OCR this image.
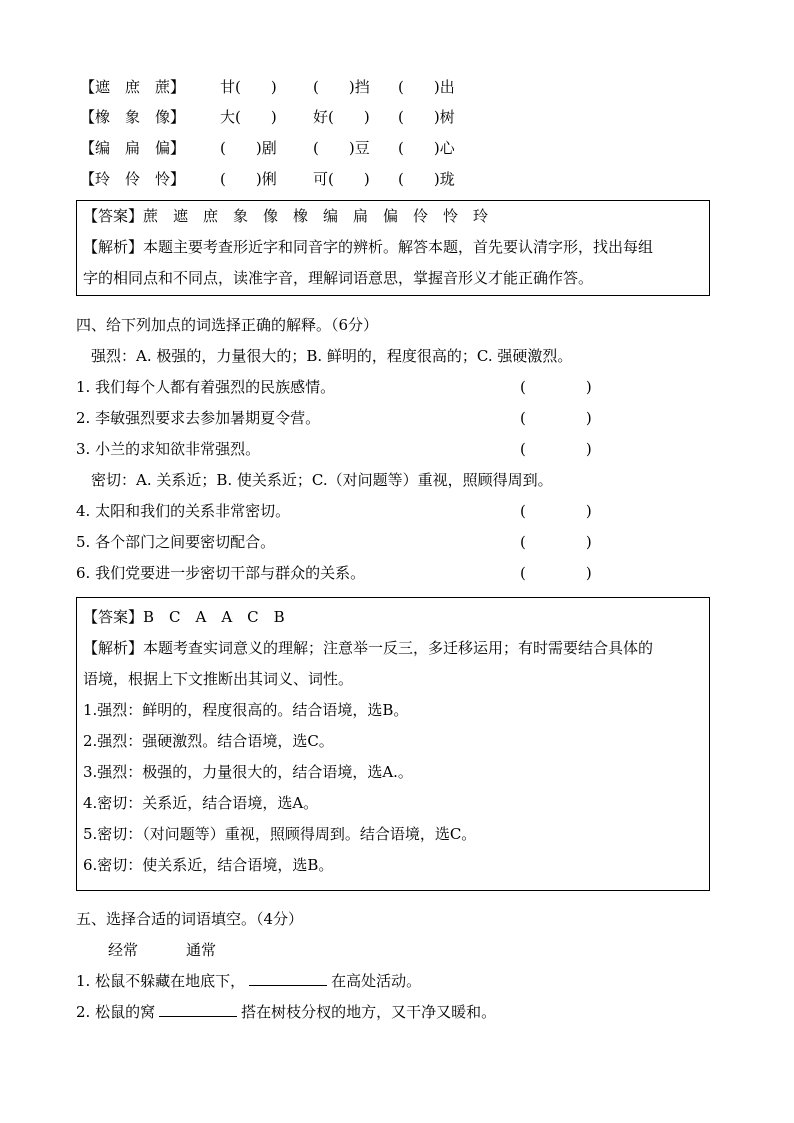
【遮　庶　蔗】 甘(　　) (　　)挡 (　　)出
【橡　象　像】 大(　　) 好(　　) (　　)树
【编　扁　偏】 (　　)剧 (　　)豆 (　　)心
【玲　伶　怜】 (　　)俐 可(　　) (　　)珑
【答案】蔗　遮　庶　象　像　橡　编　扁　偏　伶　怜　玲
【解析】本题主要考查形近字和同音字的辨析。解答本题，首先要认清字形，找出每组
字的相同点和不同点，读准字音，理解词语意思，掌握音形义才能正确作答。
四、给下列加点的词选择正确的解释。（6分）
强烈：A. 极强的，力量很大的；B. 鲜明的，程度很高的；C. 强硬激烈。
1. 我们每个人都有着强烈的民族感情。	(　　　　)
2. 李敏强烈要求去参加暑期夏令营。	(　　　　)
3. 小兰的求知欲非常强烈。	(　　　　)
密切：A. 关系近；B. 使关系近；C.（对问题等）重视，照顾得周到。
4. 太阳和我们的关系非常密切。	(　　　　)
5. 各个部门之间要密切配合。	(　　　　)
6. 我们党要进一步密切干部与群众的关系。	(　　　　)
【答案】B　C　A　A　C　B
【解析】本题考查实词意义的理解；注意举一反三，多迁移运用；有时需要结合具体的
语境，根据上下文推断出其词义、词性。
1.强烈：鲜明的，程度很高的。结合语境，选B。
2.强烈：强硬激烈。结合语境，选C。
3.强烈：极强的，力量很大的，结合语境，选A.。
4.密切：关系近，结合语境，选A。
5.密切：（对问题等）重视，照顾得周到。结合语境，选C。
6.密切：使关系近，结合语境，选B。
五、选择合适的词语填空。（4分）
经常	通常
1. 松鼠不躲藏在地底下，	在高处活动。
2. 松鼠的窝	搭在树枝分杈的地方，又干净又暖和。
